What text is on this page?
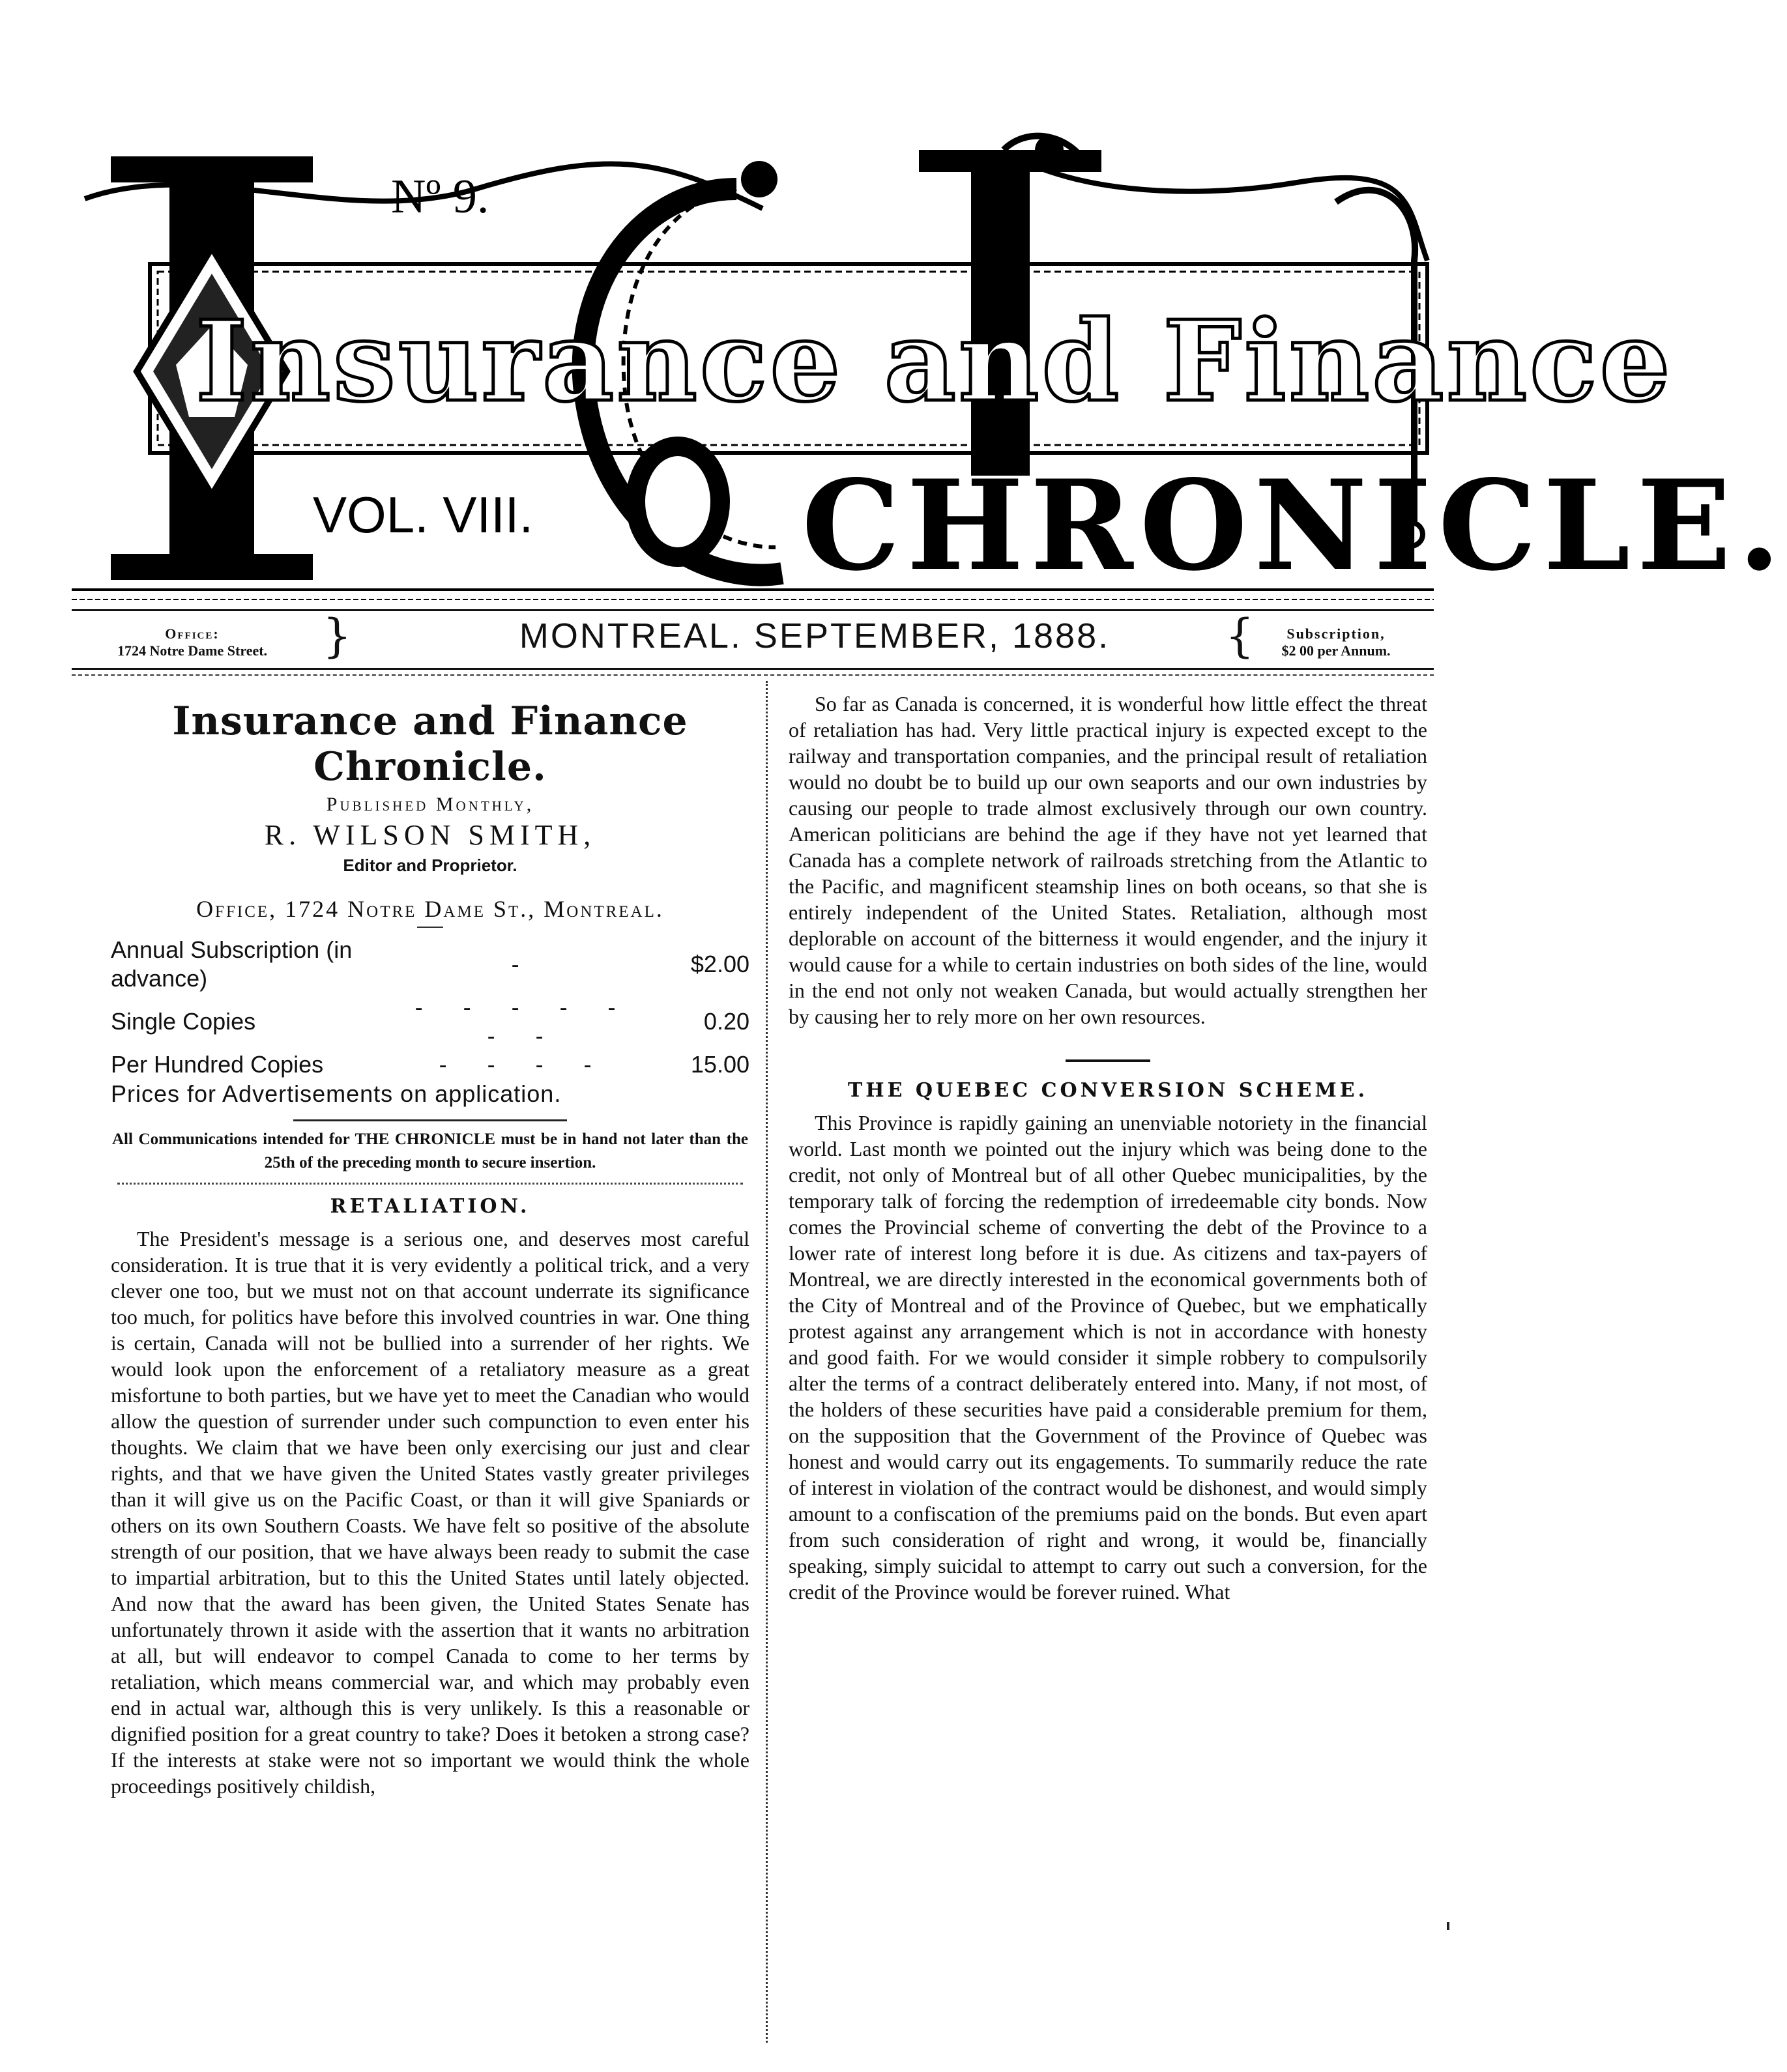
Nº 9.
Insurance and Finance
VOL. VIII. CHRONICLE.
Office:
1724 Notre Dame Street.	}	MONTREAL. SEPTEMBER, 1888.	{	Subscription,
$2 00 per Annum.
Insurance and Finance Chronicle.
Published Monthly,
R. WILSON SMITH,
Editor and Proprietor.
Office, 1724 Notre Dame St., Montreal.
Annual Subscription (in advance)	-	$2.00
Single Copies	- - - - - - -	0.20
Per Hundred Copies	- - - -	15.00
Prices for Advertisements on application.
All Communications intended for THE CHRONICLE must be in hand not later than the 25th of the preceding month to secure insertion.
RETALIATION.

The President's message is a serious one, and deserves most careful consideration. It is true that it is very evidently a political trick, and a very clever one too, but we must not on that account underrate its significance too much, for politics have before this involved countries in war. One thing is certain, Canada will not be bullied into a surrender of her rights. We would look upon the enforcement of a retaliatory measure as a great misfortune to both parties, but we have yet to meet the Canadian who would allow the question of surrender under such compunction to even enter his thoughts. We claim that we have been only exercising our just and clear rights, and that we have given the United States vastly greater privileges than it will give us on the Pacific Coast, or than it will give Spaniards or others on its own Southern Coasts. We have felt so positive of the absolute strength of our position, that we have always been ready to submit the case to impartial arbitration, but to this the United States until lately objected. And now that the award has been given, the United States Senate has unfortunately thrown it aside with the assertion that it wants no arbitration at all, but will endeavor to compel Canada to come to her terms by retaliation, which means commercial war, and which may probably even end in actual war, although this is very unlikely. Is this a reasonable or dignified position for a great country to take? Does it betoken a strong case? If the interests at stake were not so important we would think the whole proceedings positively childish,

So far as Canada is concerned, it is wonderful how little effect the threat of retaliation has had. Very little practical injury is expected except to the railway and transportation companies, and the principal result of retaliation would no doubt be to build up our own seaports and our own industries by causing our people to trade almost exclusively through our own country. American politicians are behind the age if they have not yet learned that Canada has a complete network of railroads stretching from the Atlantic to the Pacific, and magnificent steamship lines on both oceans, so that she is entirely independent of the United States. Retaliation, although most deplorable on account of the bitterness it would engender, and the injury it would cause for a while to certain industries on both sides of the line, would in the end not only not weaken Canada, but would actually strengthen her by causing her to rely more on her own resources.

THE QUEBEC CONVERSION SCHEME.

This Province is rapidly gaining an unenviable notoriety in the financial world. Last month we pointed out the injury which was being done to the credit, not only of Montreal but of all other Quebec municipalities, by the temporary talk of forcing the redemption of irredeemable city bonds. Now comes the Provincial scheme of converting the debt of the Province to a lower rate of interest long before it is due. As citizens and tax-payers of Montreal, we are directly interested in the economical governments both of the City of Montreal and of the Province of Quebec, but we emphatically protest against any arrangement which is not in accordance with honesty and good faith. For we would consider it simple robbery to compulsorily alter the terms of a contract deliberately entered into. Many, if not most, of the holders of these securities have paid a considerable premium for them, on the supposition that the Government of the Province of Quebec was honest and would carry out its engagements. To summarily reduce the rate of interest in violation of the contract would be dishonest, and would simply amount to a confiscation of the premiums paid on the bonds. But even apart from such consideration of right and wrong, it would be, financially speaking, simply suicidal to attempt to carry out such a conversion, for the credit of the Province would be forever ruined. What
